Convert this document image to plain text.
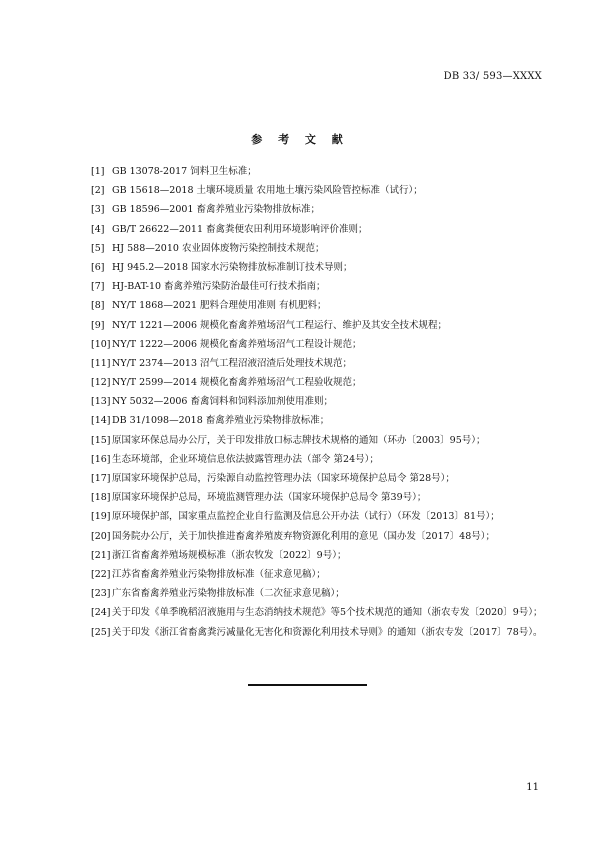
DB 33/ 593—XXXX
参 考 文 献
[1] GB 13078-2017 饲料卫生标准；
[2] GB 15618—2018 土壤环境质量 农用地土壤污染风险管控标准（试行）；
[3] GB 18596—2001 畜禽养殖业污染物排放标准；
[4] GB/T 26622—2011 畜禽粪便农田利用环境影响评价准则；
[5] HJ 588—2010 农业固体废物污染控制技术规范；
[6] HJ 945.2—2018 国家水污染物排放标准制订技术导则；
[7] HJ-BAT-10 畜禽养殖污染防治最佳可行技术指南；
[8] NY/T 1868—2021 肥料合理使用准则 有机肥料；
[9] NY/T 1221—2006 规模化畜禽养殖场沼气工程运行、维护及其安全技术规程；
[10] NY/T 1222—2006 规模化畜禽养殖场沼气工程设计规范；
[11] NY/T 2374—2013 沼气工程沼液沼渣后处理技术规范；
[12] NY/T 2599—2014 规模化畜禽养殖场沼气工程验收规范；
[13] NY 5032—2006 畜禽饲料和饲料添加剂使用准则；
[14] DB 31/1098—2018 畜禽养殖业污染物排放标准；
[15] 原国家环保总局办公厅，关于印发排放口标志牌技术规格的通知（环办〔2003〕95号）；
[16] 生态环境部，企业环境信息依法披露管理办法（部令 第24号）；
[17] 原国家环境保护总局，污染源自动监控管理办法（国家环境保护总局令 第28号）；
[18] 原国家环境保护总局，环境监测管理办法（国家环境保护总局令 第39号）；
[19] 原环境保护部，国家重点监控企业自行监测及信息公开办法（试行）（环发〔2013〕81号）；
[20] 国务院办公厅，关于加快推进畜禽养殖废弃物资源化利用的意见（国办发〔2017〕48号）；
[21] 浙江省畜禽养殖场规模标准（浙农牧发〔2022〕9号）；
[22] 江苏省畜禽养殖业污染物排放标准（征求意见稿）；
[23] 广东省畜禽养殖业污染物排放标准（二次征求意见稿）；
[24] 关于印发《单季晚稻沼液施用与生态消纳技术规范》等5个技术规范的通知（浙农专发〔2020〕9号）；
[25] 关于印发《浙江省畜禽粪污减量化无害化和资源化利用技术导则》的通知（浙农专发〔2017〕78号）。
11
